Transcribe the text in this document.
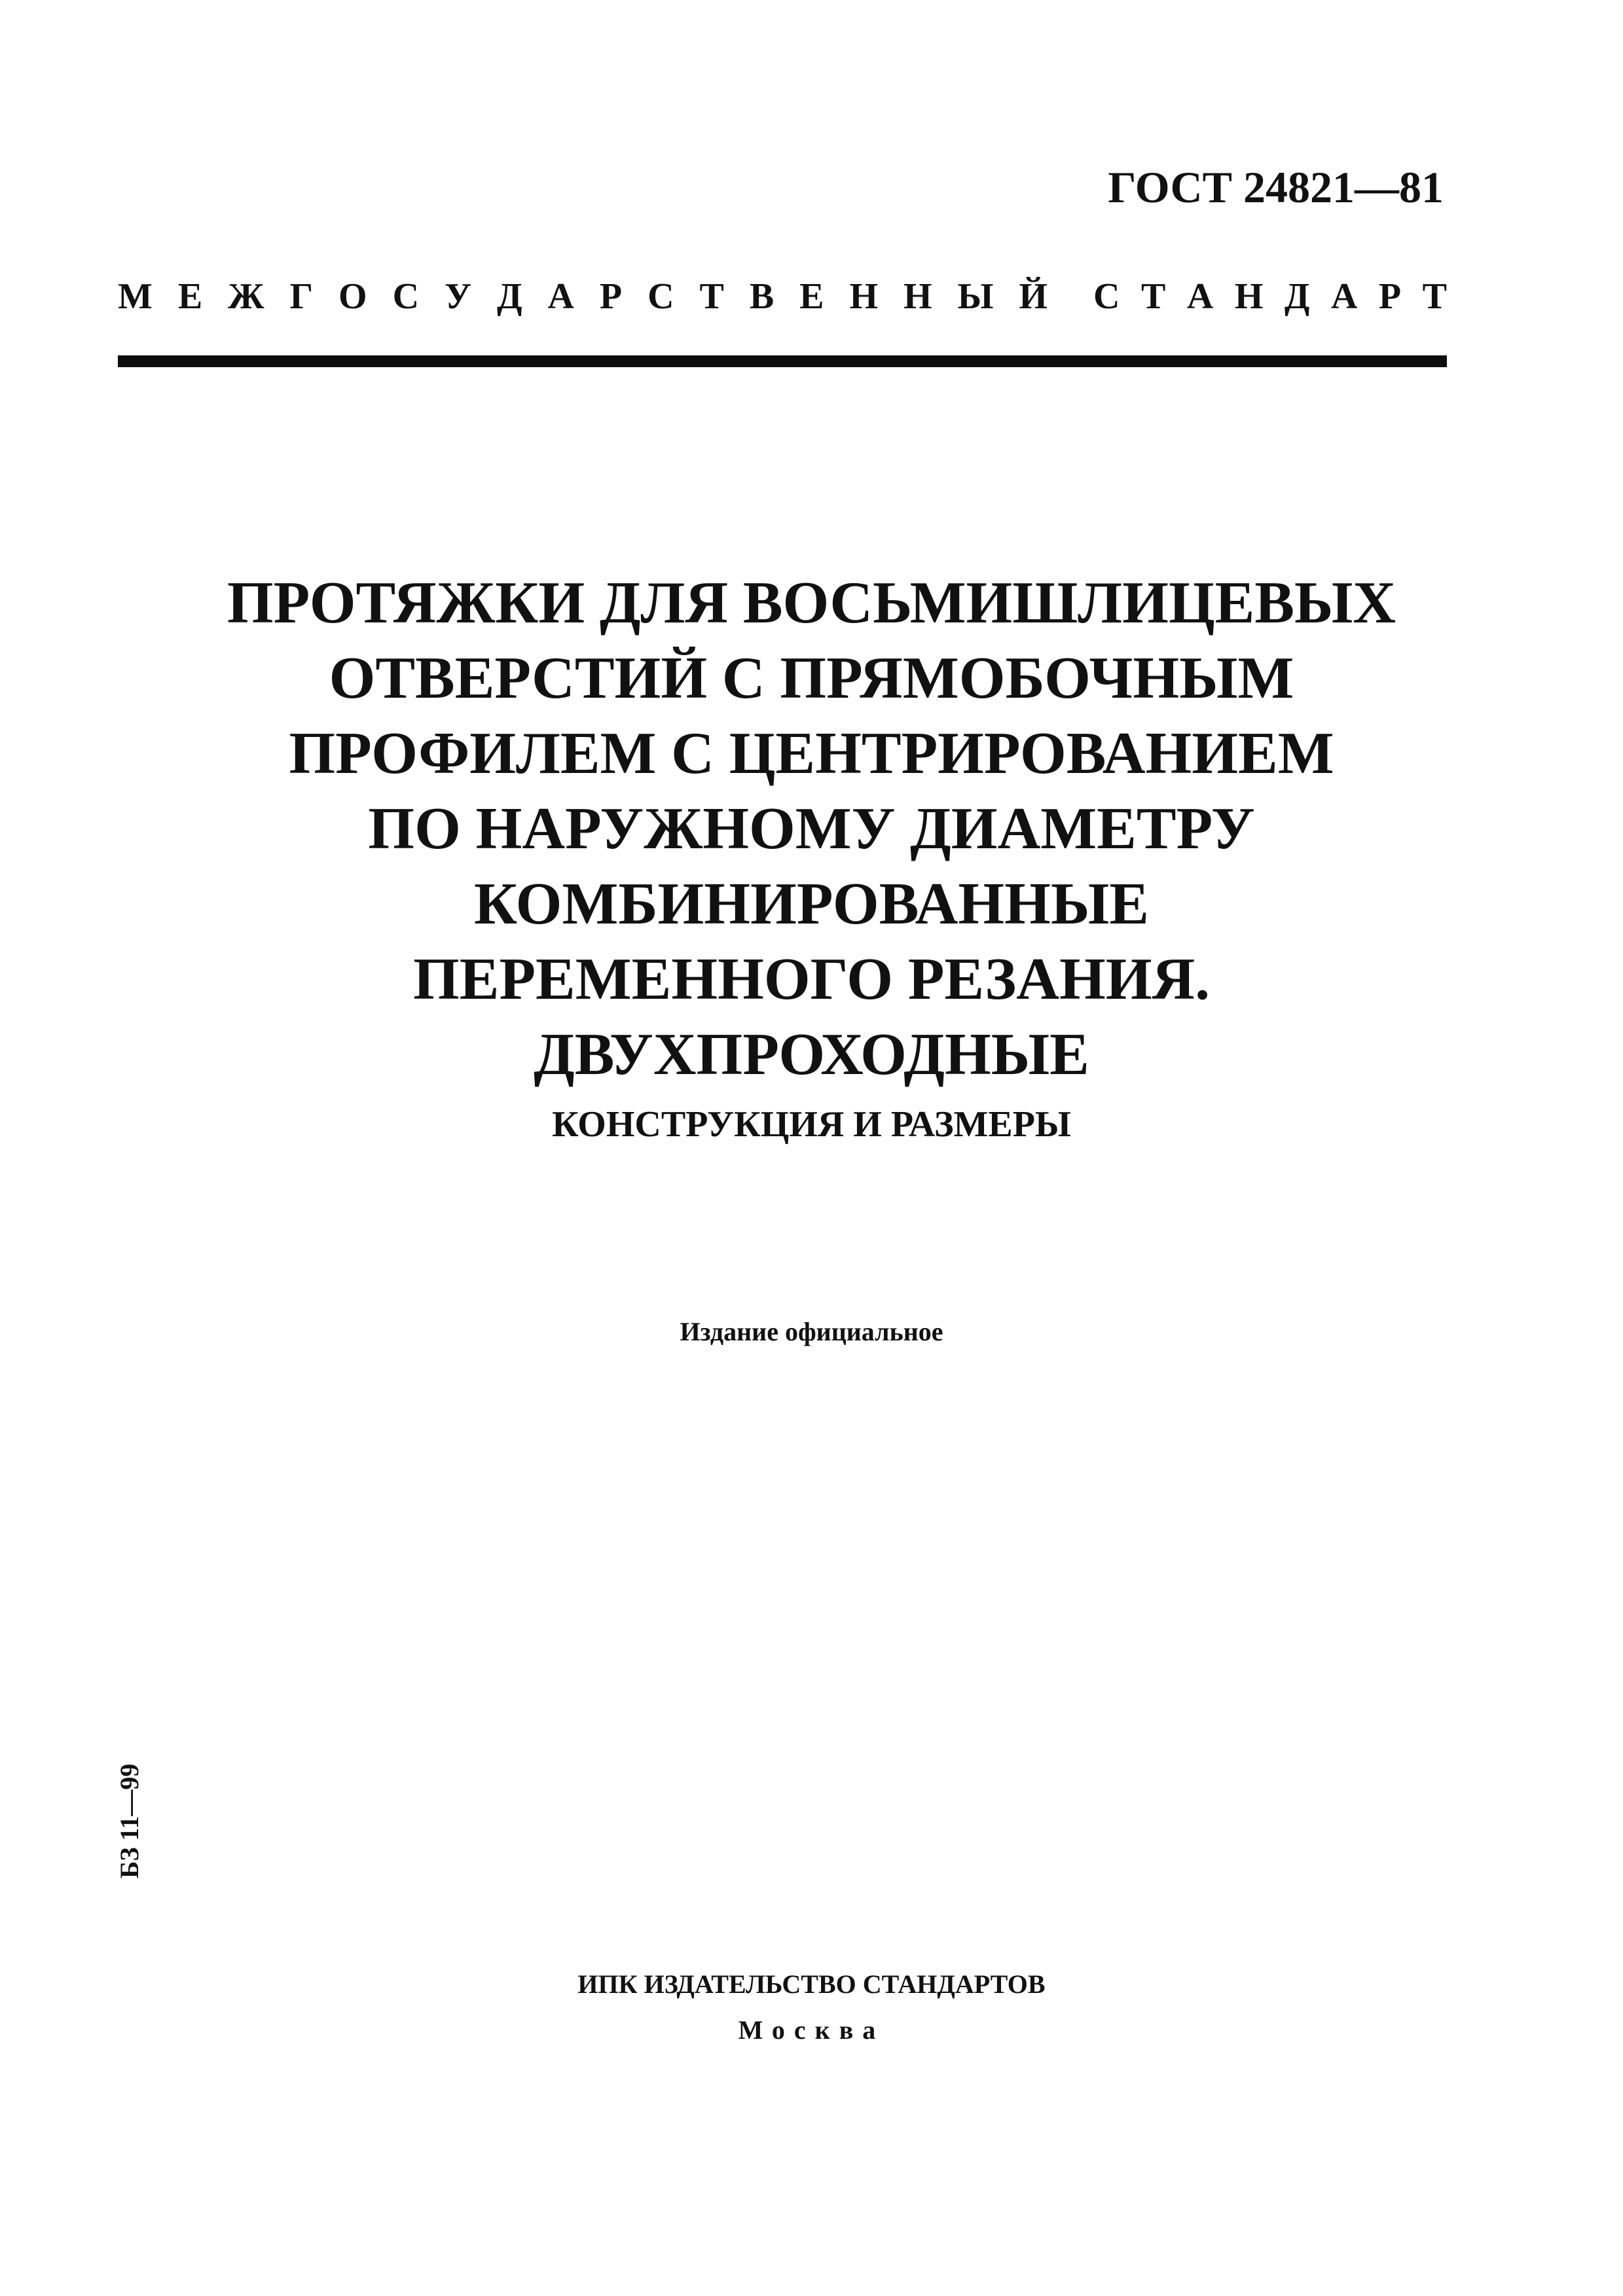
ГОСТ 24821—81
М Е Ж Г О С У Д А Р С Т В Е Н Н Ы Й С Т А Н Д А Р Т
ПРОТЯЖКИ ДЛЯ ВОСЬМИШЛИЦЕВЫХ
ОТВЕРСТИЙ С ПРЯМОБОЧНЫМ
ПРОФИЛЕМ С ЦЕНТРИРОВАНИЕМ
ПО НАРУЖНОМУ ДИАМЕТРУ
КОМБИНИРОВАННЫЕ
ПЕРЕМЕННОГО РЕЗАНИЯ.
ДВУХПРОХОДНЫЕ
КОНСТРУКЦИЯ И РАЗМЕРЫ
Издание официальное
БЗ 11—99
ИПК ИЗДАТЕЛЬСТВО СТАНДАРТОВ
Москва
